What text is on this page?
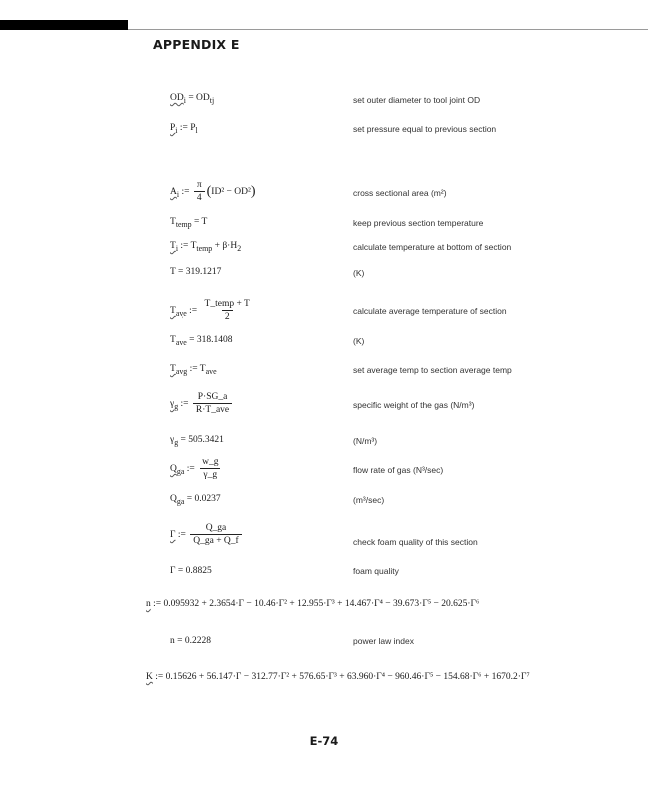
APPENDIX E
$OD_i = OD_{tj}$	set outer diameter to tool joint OD
$P_i$ := $P_l$	set pressure equal to previous section
$A_i$ := $\frac{\pi}{4} (ID^2 - OD^2)$	cross sectional area (m²)
$T_{temp} = T$	keep previous section temperature
$T_i$ := $T_{temp} + \beta\cdot H_2$	calculate temperature at bottom of section
T = 319.1217	(K)
$T_{ave}$ := $\frac{\text{T\_temp + T}}{2}$	calculate average temperature of section
$T_{ave} = 318.1408$	(K)
$T_{avg}$ := $T_{ave}$	set average temp to section average temp
$\gamma_g$ := $\frac{P\cdot SG\_a}{\text{R·T\_ave}}$	specific weight of the gas (N/m³)
$\gamma_g = 505.3421$	(N/m³)
$Q_{ga}$ := $\frac{w\_g}{\gamma\_g}$	flow rate of gas (N³/sec)
$Q_{ga} = 0.0237$	(m³/sec)
Γ := $\frac{Q\_ga}{Q\_ga + Q\_f}$	check foam quality of this section
Γ = 0.8825	foam quality
n := 0.095932 + 2.3654·Γ − 10.46·Γ² + 12.955·Γ³ + 14.467·Γ⁴ − 39.673·Γ⁵ − 20.625·Γ⁶
n = 0.2228	power law index
K := 0.15626 + 56.147·Γ − 312.77·Γ² + 576.65·Γ³ + 63.960·Γ⁴ − 960.46·Γ⁵ − 154.68·Γ⁶ + 1670.2·Γ⁷
E-74
